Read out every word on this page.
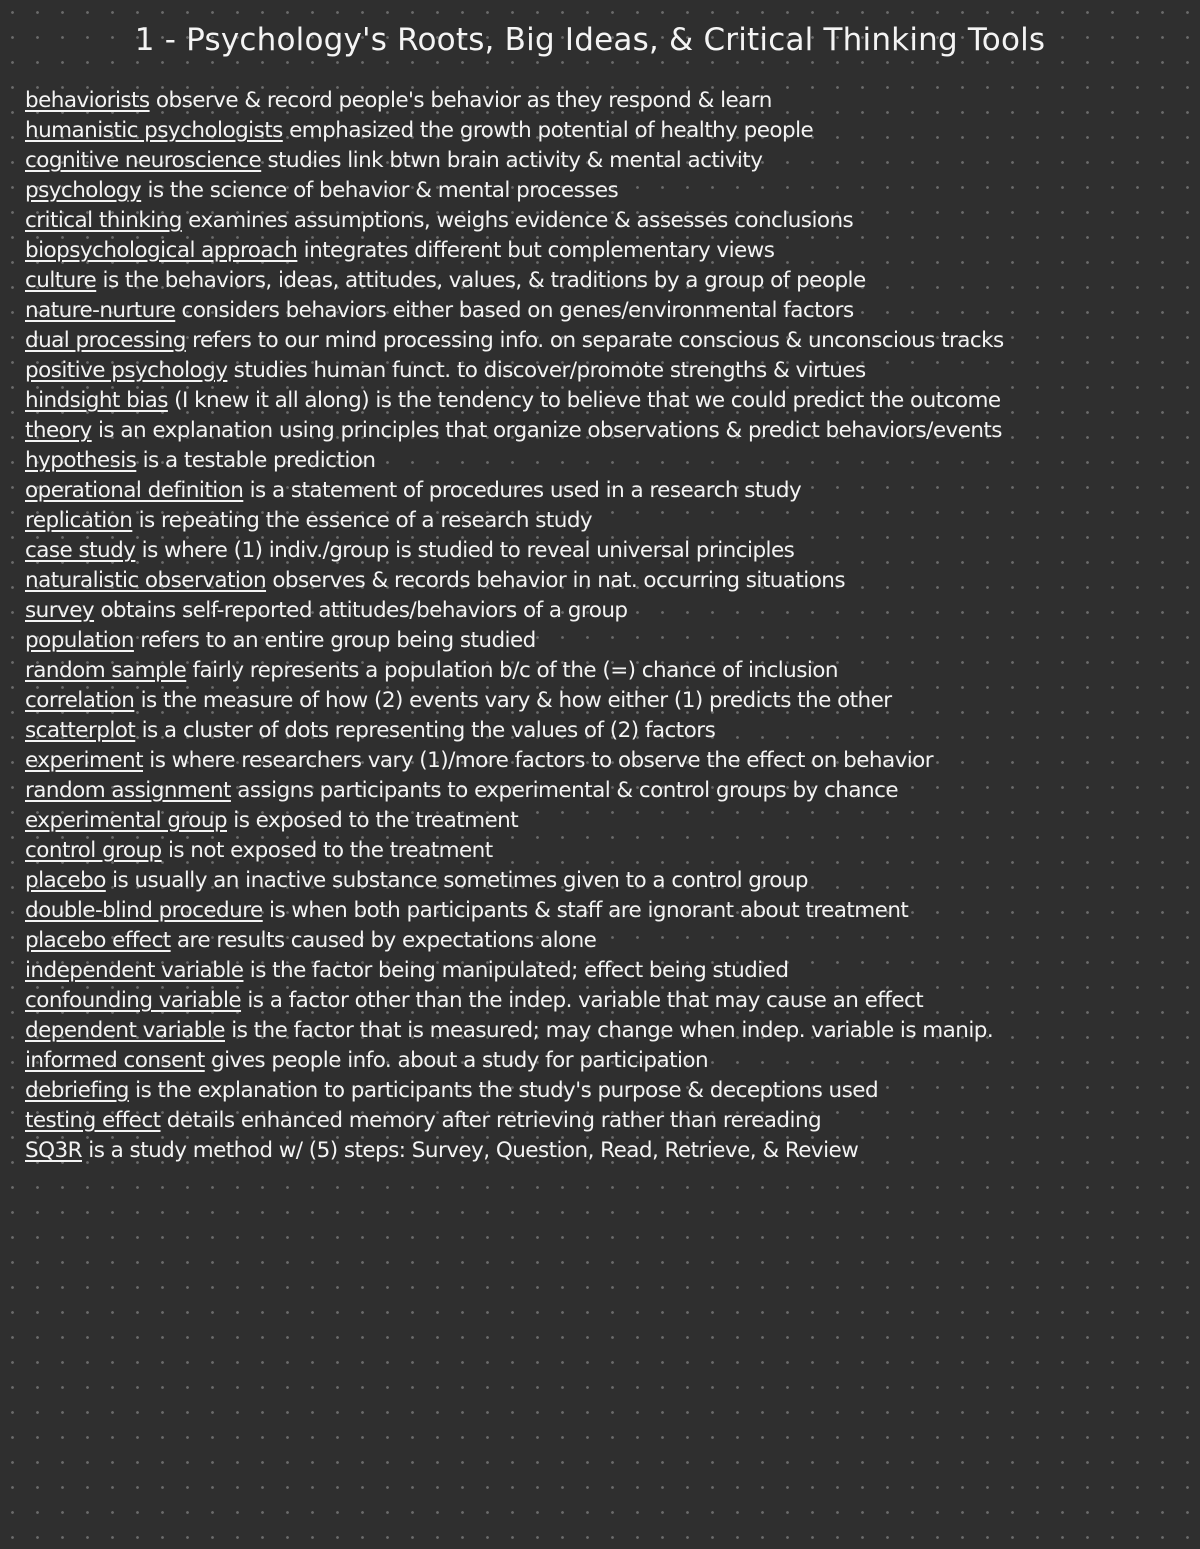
1 - Psychology's Roots, Big Ideas, & Critical Thinking Tools
behaviorists observe & record people's behavior as they respond & learn
humanistic psychologists emphasized the growth potential of healthy people
cognitive neuroscience studies link btwn brain activity & mental activity
psychology is the science of behavior & mental processes
critical thinking examines assumptions, weighs evidence & assesses conclusions
biopsychological approach integrates different but complementary views
culture is the behaviors, ideas, attitudes, values, & traditions by a group of people
nature-nurture considers behaviors either based on genes/environmental factors
dual processing refers to our mind processing info. on separate conscious & unconscious tracks
positive psychology studies human funct. to discover/promote strengths & virtues
hindsight bias (I knew it all along) is the tendency to believe that we could predict the outcome
theory is an explanation using principles that organize observations & predict behaviors/events
hypothesis is a testable prediction
operational definition is a statement of procedures used in a research study
replication is repeating the essence of a research study
case study is where (1) indiv./group is studied to reveal universal principles
naturalistic observation observes & records behavior in nat. occurring situations
survey obtains self-reported attitudes/behaviors of a group
population refers to an entire group being studied
random sample fairly represents a population b/c of the (=) chance of inclusion
correlation is the measure of how (2) events vary & how either (1) predicts the other
scatterplot is a cluster of dots representing the values of (2) factors
experiment is where researchers vary (1)/more factors to observe the effect on behavior
random assignment assigns participants to experimental & control groups by chance
experimental group is exposed to the treatment
control group is not exposed to the treatment
placebo is usually an inactive substance sometimes given to a control group
double-blind procedure is when both participants & staff are ignorant about treatment
placebo effect are results caused by expectations alone
independent variable is the factor being manipulated; effect being studied
confounding variable is a factor other than the indep. variable that may cause an effect
dependent variable is the factor that is measured; may change when indep. variable is manip.
informed consent gives people info. about a study for participation
debriefing is the explanation to participants the study's purpose & deceptions used
testing effect details enhanced memory after retrieving rather than rereading
SQ3R is a study method w/ (5) steps: Survey, Question, Read, Retrieve, & Review
